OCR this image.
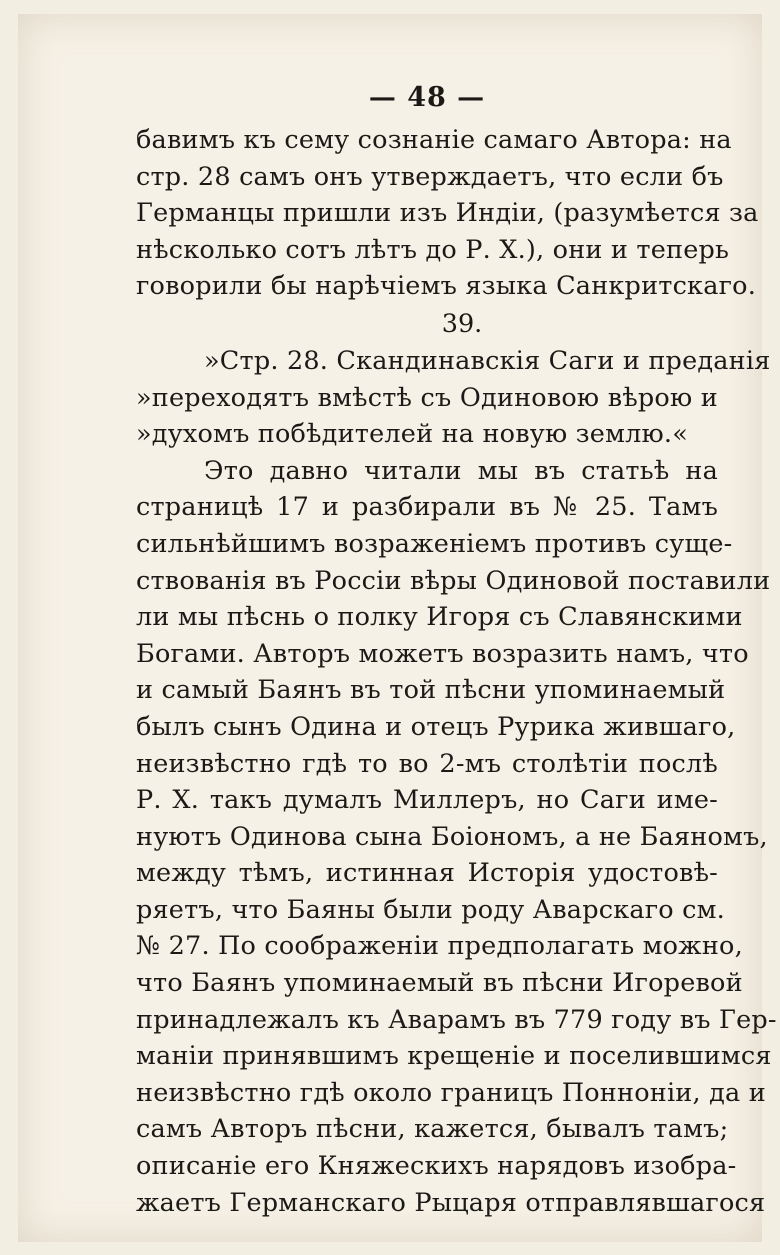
— 48 —
бавимъ къ сему сознаніе самаго Автора: на
стр. 28 самъ онъ утверждаетъ, что если бъ
Германцы пришли изъ Индіи, (разумѣется за
нѣсколько сотъ лѣтъ до Р. Х.), они и теперь
говорили бы нарѣчіемъ языка Санкритскаго.
39.
»Стр. 28. Скандинавскія Саги и преданія
»переходятъ вмѣстѣ съ Одиновою вѣрою и
»духомъ побѣдителей на новую землю.«
Это давно читали мы въ статьѣ на
страницѣ 17 и разбирали въ № 25. Тамъ
сильнѣйшимъ возраженіемъ противъ суще-
ствованія въ Россіи вѣры Одиновой поставили
ли мы пѣснь о полку Игоря съ Славянскими
Богами. Авторъ можетъ возразить намъ, что
и самый Баянъ въ той пѣсни упоминаемый
былъ сынъ Одина и отецъ Рурика жившаго,
неизвѣстно гдѣ то во 2-мъ столѣтіи послѣ
Р. Х. такъ думалъ Миллеръ, но Саги име-
нуютъ Одинова сына Боіономъ, а не Баяномъ,
между тѣмъ, истинная Исторія удостовѣ-
ряетъ, что Баяны были роду Аварскаго см.
№ 27. По соображеніи предполагать можно,
что Баянъ упоминаемый въ пѣсни Игоревой
принадлежалъ къ Аварамъ въ 779 году въ Гер-
маніи принявшимъ крещеніе и поселившимся
неизвѣстно гдѣ около границъ Понноніи, да и
самъ Авторъ пѣсни, кажется, бывалъ тамъ;
описаніе его Княжескихъ нарядовъ изобра-
жаетъ Германскаго Рыцаря отправлявшагося
